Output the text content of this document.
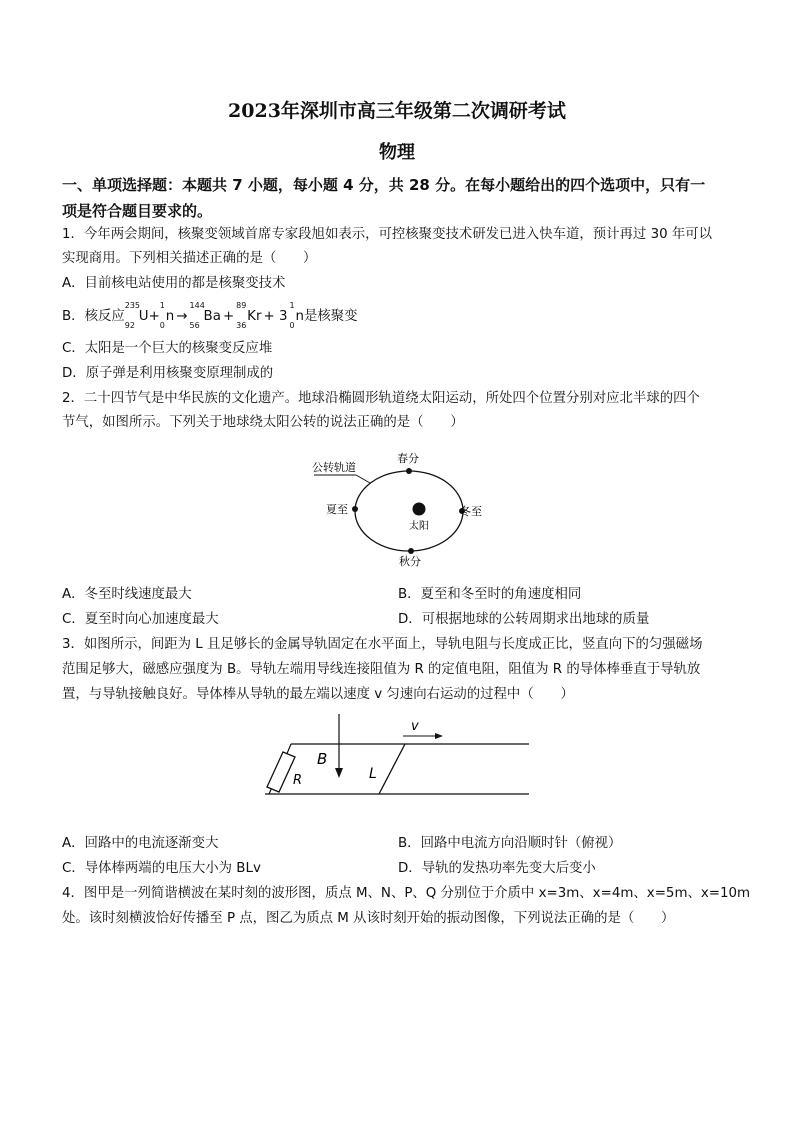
2023年深圳市高三年级第二次调研考试
物理
一、单项选择题：本题共 7 小题，每小题 4 分，共 28 分。在每小题给出的四个选项中，只有一
项是符合题目要求的。
1．今年两会期间，核聚变领域首席专家段旭如表示，可控核聚变技术研发已进入快车道，预计再过 30 年可以
实现商用。下列相关描述正确的是（　　）
A．目前核电站使用的都是核聚变技术
B．核反应
235
92
U+
1
0
n →
144
56
Ba +
89
36
Kr + 3
1
0
n是核聚变
C．太阳是一个巨大的核聚变反应堆
D．原子弹是利用核聚变原理制成的
2．二十四节气是中华民族的文化遗产。地球沿椭圆形轨道绕太阳运动，所处四个位置分别对应北半球的四个
节气，如图所示。下列关于地球绕太阳公转的说法正确的是（　　）
公转轨道
春分
夏至
秋分
冬至
太阳
A．冬至时线速度最大	B．夏至和冬至时的角速度相同
C．夏至时向心加速度最大	D．可根据地球的公转周期求出地球的质量
3．如图所示，间距为 L 且足够长的金属导轨固定在水平面上，导轨电阻与长度成正比，竖直向下的匀强磁场
范围足够大，磁感应强度为 B。导轨左端用导线连接阻值为 R 的定值电阻，阻值为 R 的导体棒垂直于导轨放
置，与导轨接触良好。导体棒从导轨的最左端以速度 v 匀速向右运动的过程中（　　）
R
B
L
v
A．回路中的电流逐渐变大	B．回路中电流方向沿顺时针（俯视）
C．导体棒两端的电压大小为 BLv	D．导轨的发热功率先变大后变小
4．图甲是一列简谐横波在某时刻的波形图，质点 M、N、P、Q 分别位于介质中 x=3m、x=4m、x=5m、x=10m
处。该时刻横波恰好传播至 P 点，图乙为质点 M 从该时刻开始的振动图像，下列说法正确的是（　　）
